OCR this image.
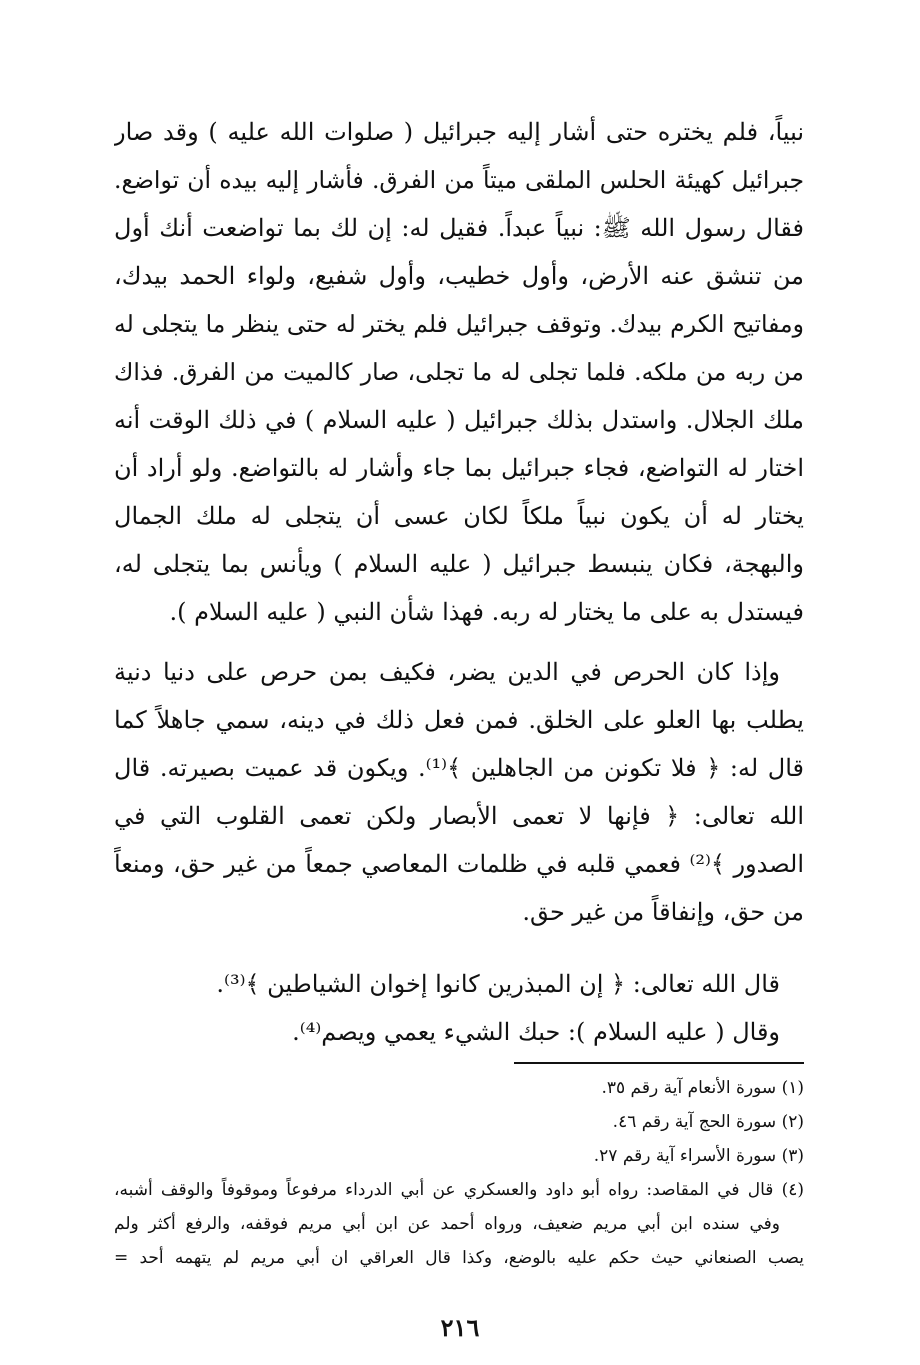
نبياً، فلم يختره حتى أشار إليه جبرائيل ( صلوات الله عليه ) وقد صار
جبرائيل كهيئة الحلس الملقى ميتاً من الفرق. فأشار إليه بيده أن تواضع.
فقال رسول الله ﷺ: نبياً عبداً. فقيل له: إن لك بما تواضعت أنك أول
من تنشق عنه الأرض، وأول خطيب، وأول شفيع، ولواء الحمد بيدك،
ومفاتيح الكرم بيدك. وتوقف جبرائيل فلم يختر له حتى ينظر ما يتجلى له
من ربه من ملكه. فلما تجلى له ما تجلى، صار كالميت من الفرق. فذاك
ملك الجلال. واستدل بذلك جبرائيل ( عليه السلام ) في ذلك الوقت أنه
اختار له التواضع، فجاء جبرائيل بما جاء وأشار له بالتواضع. ولو أراد أن
يختار له أن يكون نبياً ملكاً لكان عسى أن يتجلى له ملك الجمال
والبهجة، فكان ينبسط جبرائيل ( عليه السلام ) ويأنس بما يتجلى له،
فيستدل به على ما يختار له ربه. فهذا شأن النبي ( عليه السلام ).
وإذا كان الحرص في الدين يضر، فكيف بمن حرص على دنيا دنية
يطلب بها العلو على الخلق. فمن فعل ذلك في دينه، سمي جاهلاً كما
قال له: ﴿ فلا تكونن من الجاهلين ﴾⁽¹⁾. ويكون قد عميت بصيرته. قال
الله تعالى: ﴿ فإنها لا تعمى الأبصار ولكن تعمى القلوب التي في
الصدور ﴾⁽²⁾ فعمي قلبه في ظلمات المعاصي جمعاً من غير حق، ومنعاً
من حق، وإنفاقاً من غير حق.
قال الله تعالى: ﴿ إن المبذرين كانوا إخوان الشياطين ﴾⁽³⁾.
وقال ( عليه السلام ): حبك الشيء يعمي ويصم⁽⁴⁾.
(١) سورة الأنعام آية رقم ٣٥.
(٢) سورة الحج آية رقم ٤٦.
(٣) سورة الأسراء آية رقم ٢٧.
(٤) قال في المقاصد: رواه أبو داود والعسكري عن أبي الدرداء مرفوعاً وموقوفاً والوقف أشبه،
وفي سنده ابن أبي مريم ضعيف، ورواه أحمد عن ابن أبي مريم فوقفه، والرفع أكثر ولم
يصب الصنعاني حيث حكم عليه بالوضع، وكذا قال العراقي ان أبي مريم لم يتهمه أحد =
٢١٦
